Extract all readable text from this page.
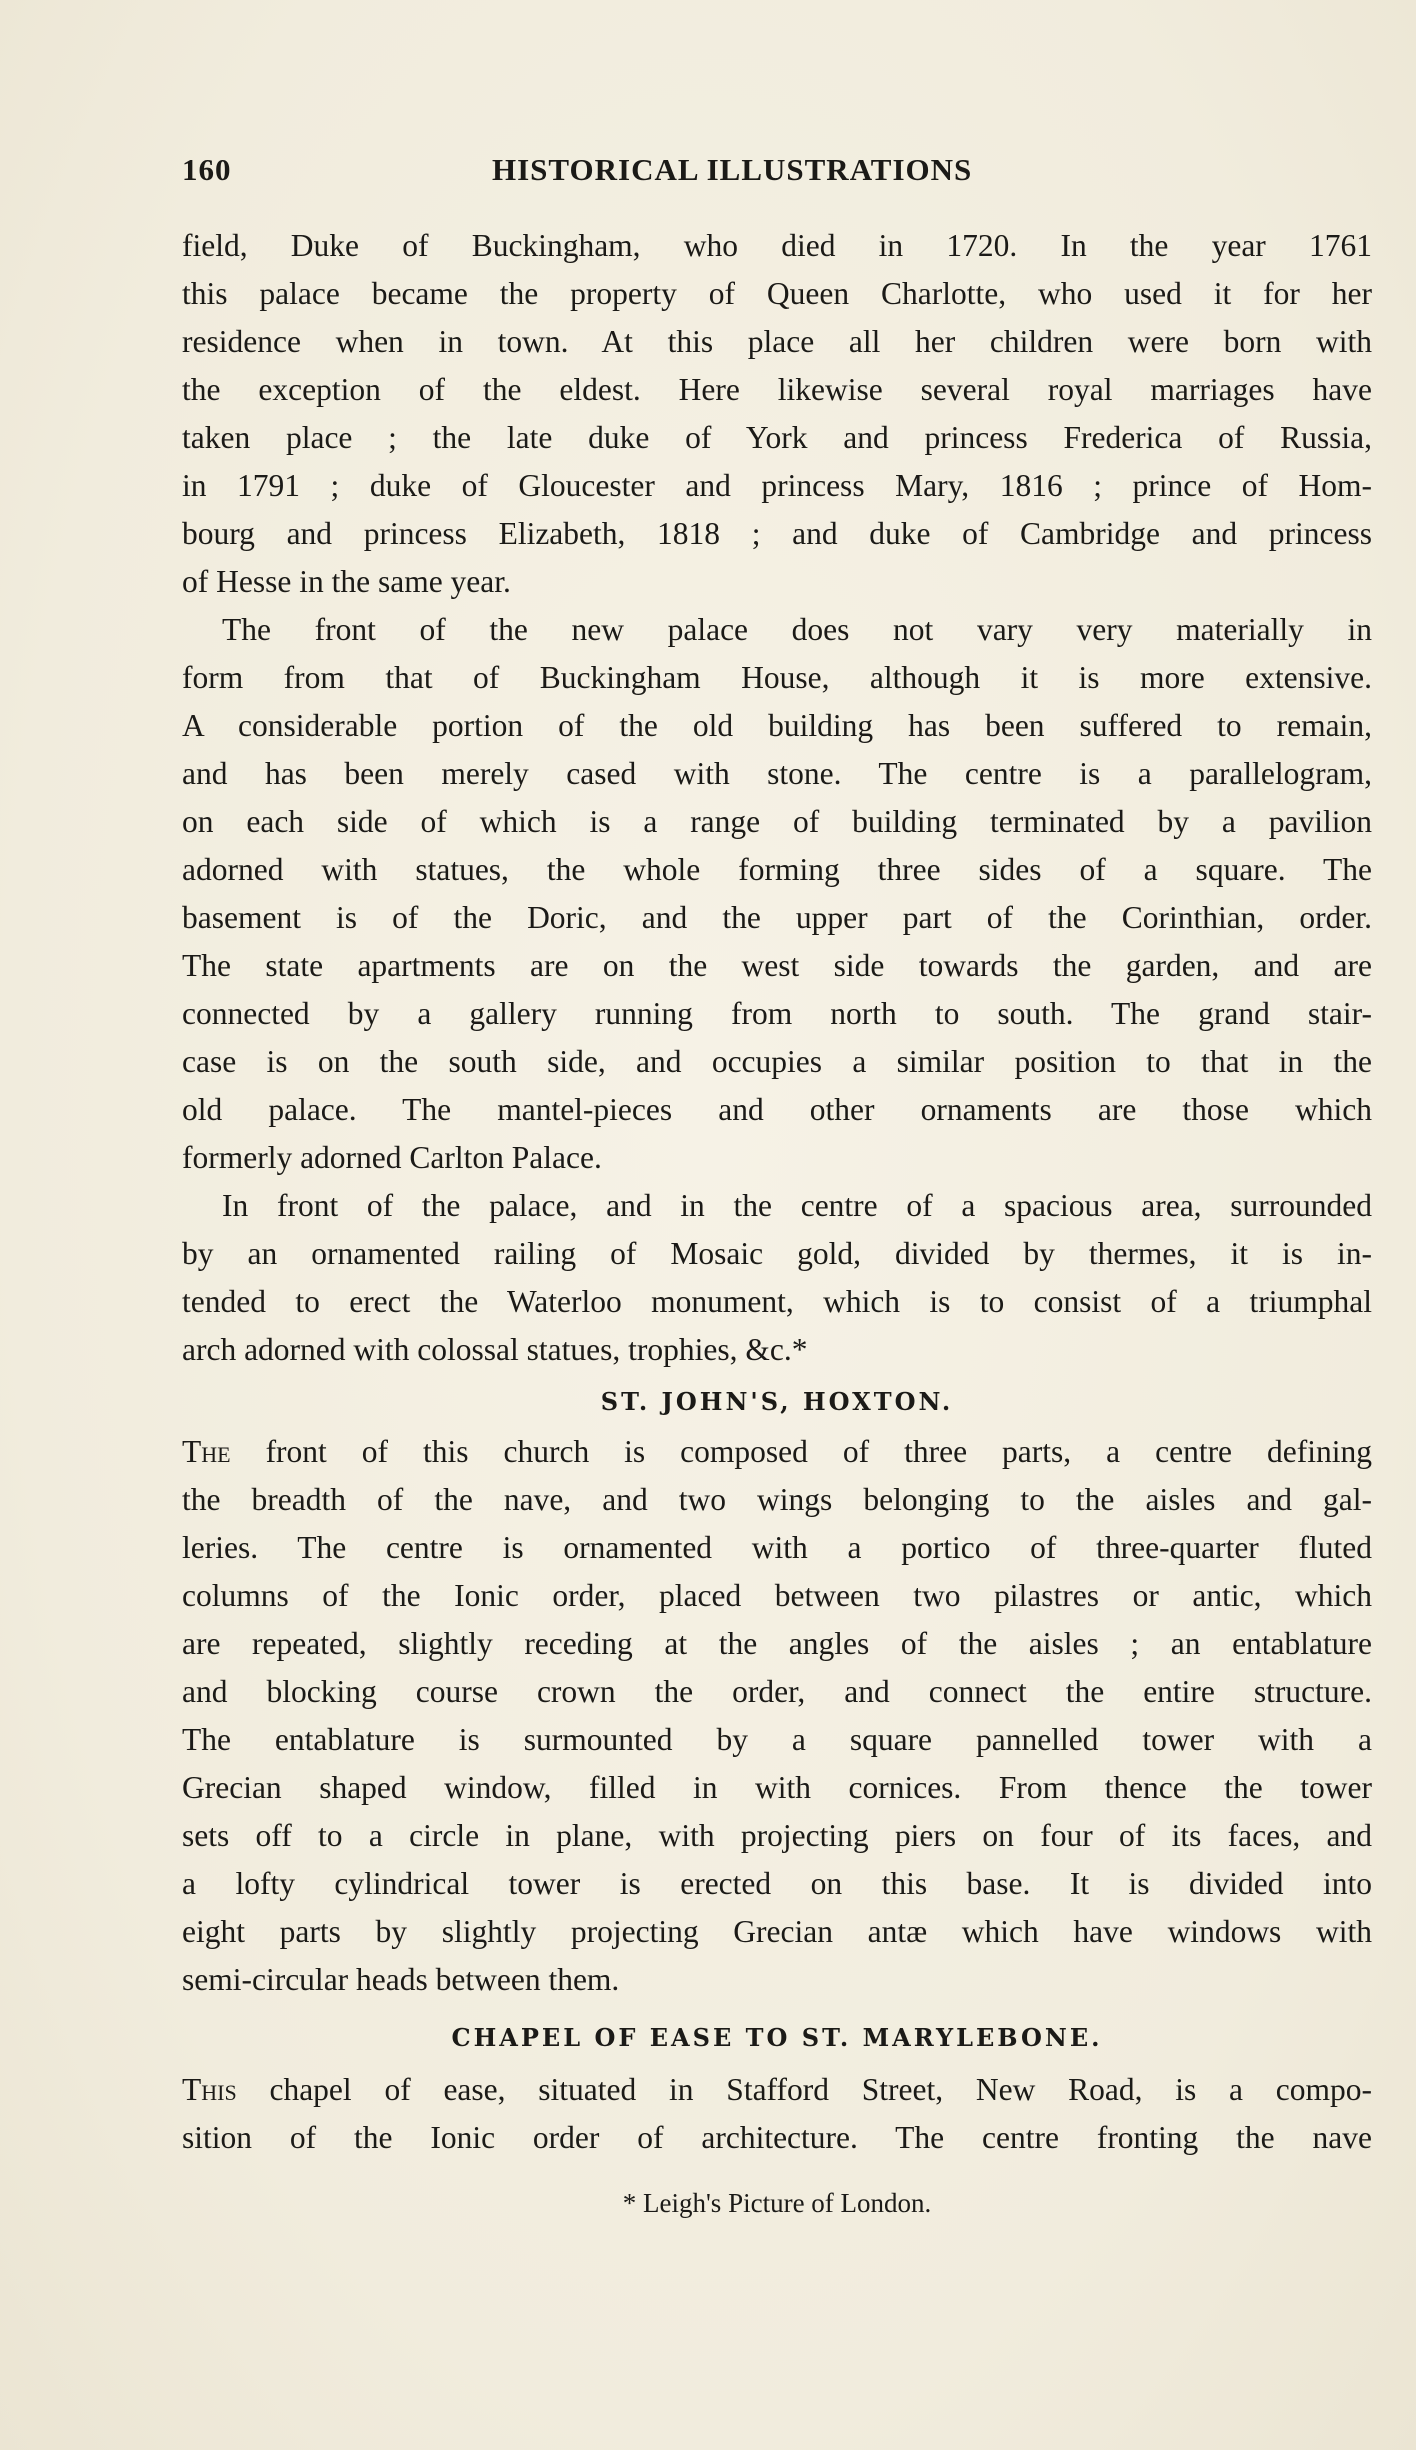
160	HISTORICAL ILLUSTRATIONS
field, Duke of Buckingham, who died in 1720. In the year 1761
this palace became the property of Queen Charlotte, who used it for her
residence when in town. At this place all her children were born with
the exception of the eldest. Here likewise several royal marriages have
taken place ; the late duke of York and princess Frederica of Russia,
in 1791 ; duke of Gloucester and princess Mary, 1816 ; prince of Hom-
bourg and princess Elizabeth, 1818 ; and duke of Cambridge and princess
of Hesse in the same year.
The front of the new palace does not vary very materially in
form from that of Buckingham House, although it is more extensive.
A considerable portion of the old building has been suffered to remain,
and has been merely cased with stone. The centre is a parallelogram,
on each side of which is a range of building terminated by a pavilion
adorned with statues, the whole forming three sides of a square. The
basement is of the Doric, and the upper part of the Corinthian, order.
The state apartments are on the west side towards the garden, and are
connected by a gallery running from north to south. The grand stair-
case is on the south side, and occupies a similar position to that in the
old palace. The mantel-pieces and other ornaments are those which
formerly adorned Carlton Palace.
In front of the palace, and in the centre of a spacious area, surrounded
by an ornamented railing of Mosaic gold, divided by thermes, it is in-
tended to erect the Waterloo monument, which is to consist of a triumphal
arch adorned with colossal statues, trophies, &c.*
ST. JOHN'S, HOXTON.
The front of this church is composed of three parts, a centre defining
the breadth of the nave, and two wings belonging to the aisles and gal-
leries. The centre is ornamented with a portico of three-quarter fluted
columns of the Ionic order, placed between two pilastres or antic, which
are repeated, slightly receding at the angles of the aisles ; an entablature
and blocking course crown the order, and connect the entire structure.
The entablature is surmounted by a square pannelled tower with a
Grecian shaped window, filled in with cornices. From thence the tower
sets off to a circle in plane, with projecting piers on four of its faces, and
a lofty cylindrical tower is erected on this base. It is divided into
eight parts by slightly projecting Grecian antæ which have windows with
semi-circular heads between them.
CHAPEL OF EASE TO ST. MARYLEBONE.
This chapel of ease, situated in Stafford Street, New Road, is a compo-
sition of the Ionic order of architecture. The centre fronting the nave
* Leigh's Picture of London.
